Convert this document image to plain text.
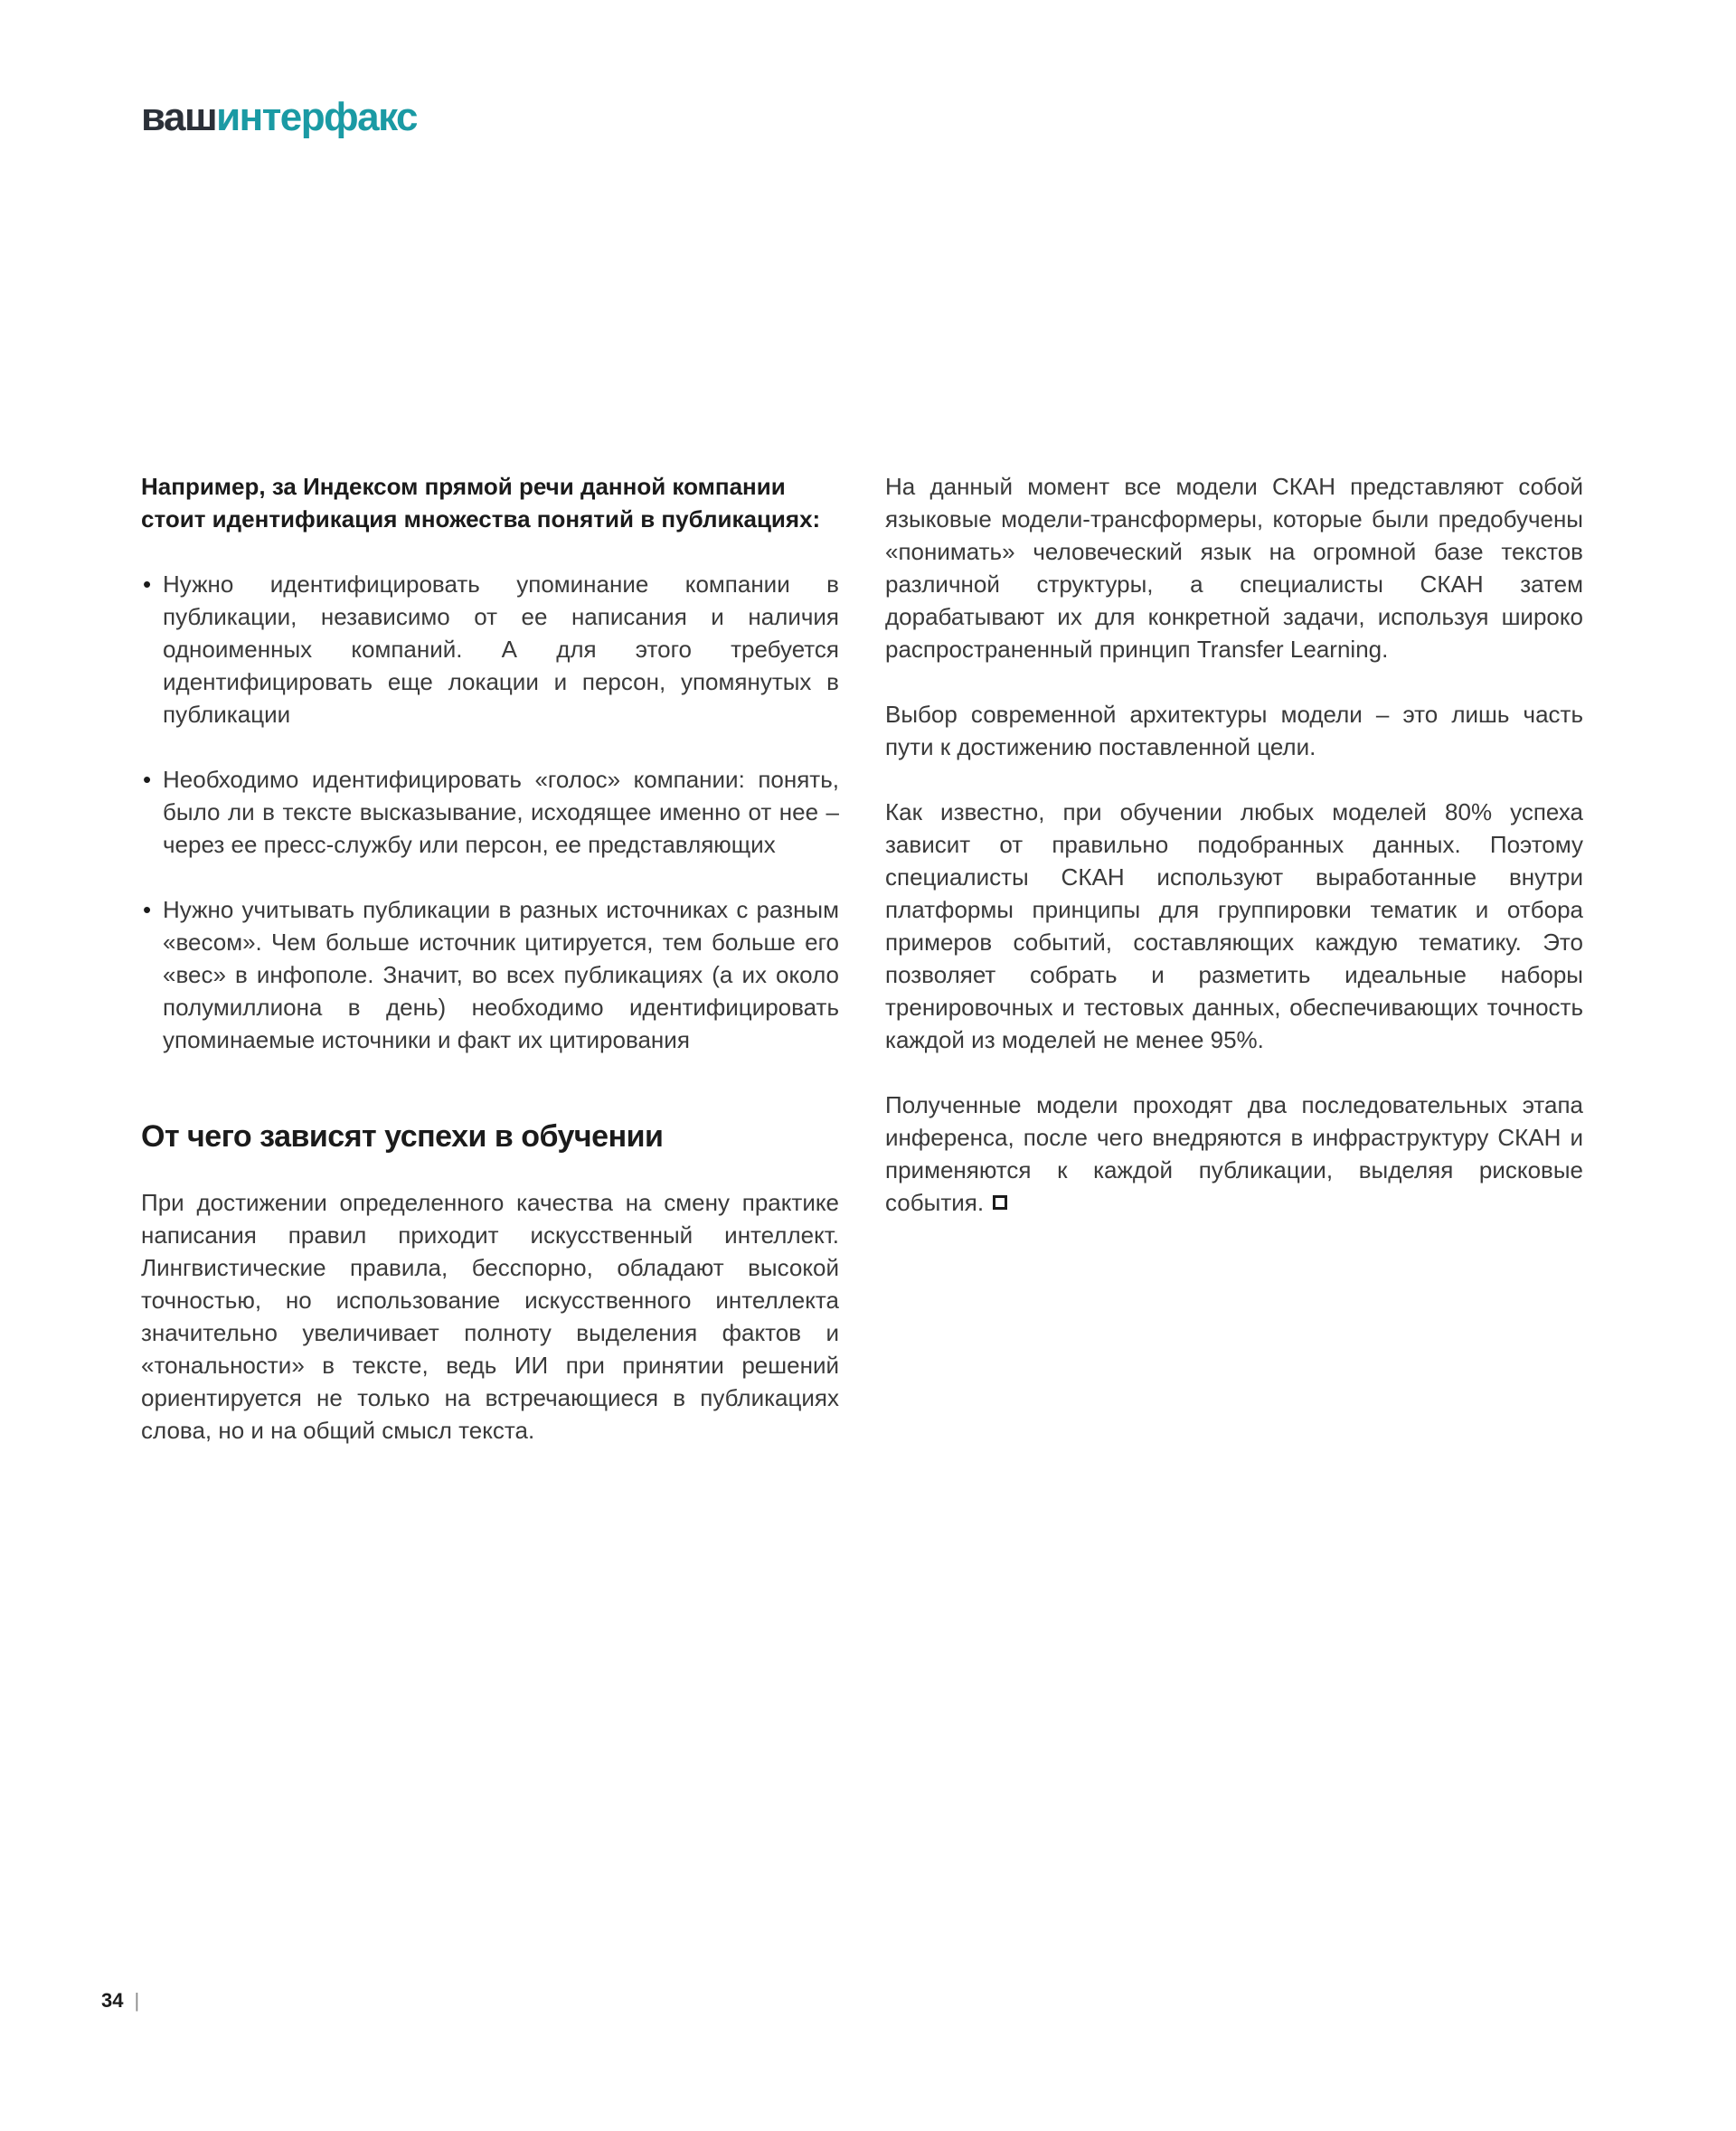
вашинтерфакс

Например, за Индексом прямой речи данной компании стоит идентификация множества понятий в публикациях:

• Нужно идентифицировать упоминание компании в публикации, независимо от ее написания и наличия одноименных компаний. А для этого требуется идентифицировать еще локации и персон, упомянутых в публикации
• Необходимо идентифицировать «голос» компании: понять, было ли в тексте высказывание, исходящее именно от нее – через ее пресс-службу или персон, ее представляющих
• Нужно учитывать публикации в разных источниках с разным «весом». Чем больше источник цитируется, тем больше его «вес» в инфополе. Значит, во всех публикациях (а их около полумиллиона в день) необходимо идентифицировать упоминаемые источники и факт их цитирования
От чего зависят успехи в обучении

При достижении определенного качества на смену практике написания правил приходит искусственный интеллект. Лингвистические правила, бесспорно, обладают высокой точностью, но использование искусственного интеллекта значительно увеличивает полноту выделения фактов и «тональности» в тексте, ведь ИИ при принятии решений ориентируется не только на встречающиеся в публикациях слова, но и на общий смысл текста.

На данный момент все модели СКАН представляют собой языковые модели-трансформеры, которые были предобучены «понимать» человеческий язык на огромной базе текстов различной структуры, а специалисты СКАН затем дорабатывают их для конкретной задачи, используя широко распространенный принцип Transfer Learning.

Выбор современной архитектуры модели – это лишь часть пути к достижению поставленной цели.

Как известно, при обучении любых моделей 80% успеха зависит от правильно подобранных данных. Поэтому специалисты СКАН используют выработанные внутри платформы принципы для группировки тематик и отбора примеров событий, составляющих каждую тематику. Это позволяет собрать и разметить идеальные наборы тренировочных и тестовых данных, обеспечивающих точность каждой из моделей не менее 95%.

Полученные модели проходят два последовательных этапа инференса, после чего внедряются в инфраструктуру СКАН и применяются к каждой публикации, выделяя рисковые события.

34 |
